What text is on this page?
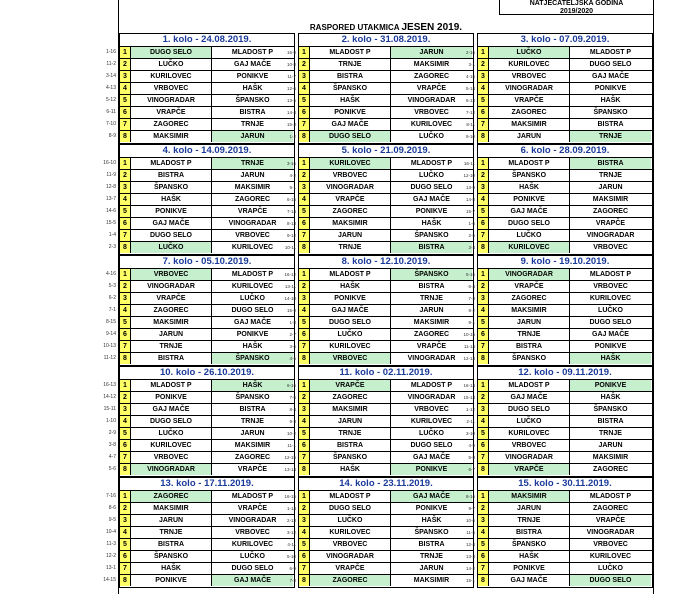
NATJECATELJSKA GODINA
2019/2020
RASPORED UTAKMICA JESEN 2019.
1. kolo - 24.08.2019.
1-16	1	DUGO SELO	MLADOST P
11-2	2	LUČKO	GAJ MAČE
3-14	3	KURILOVEC	PONIKVE
4-13	4	VRBOVEC	HAŠK
5-12	5	VINOGRADAR	ŠPANSKO
6-11	6	VRAPČE	BISTRA
7-10	7	ZAGOREC	TRNJE
8-9	8	MAKSIMIR	JARUN
2. kolo - 31.08.2019.
16-9 1	MLADOST P	JARUN
10-8 2	TRNJE	MAKSIMIR
11-7 3	BISTRA	ZAGOREC
12-6 4	ŠPANSKO	VRAPČE
13-5 5	HAŠK	VINOGRADAR
14-4 6	PONIKVE	VRBOVEC
15-3 7	GAJ MAČE	KURILOVEC
1-2 8	DUGO SELO	LUČKO
3. kolo - 07.09.2019.
2-16 1	LUČKO	MLADOST P
3-1 2	KURILOVEC	DUGO SELO
4-15 3	VRBOVEC	GAJ MAČE
5-14 4	VINOGRADAR	PONIKVE
6-13 5	VRAPČE	HAŠK
7-12 6	ZAGOREC	ŠPANSKO
8-11 7	MAKSIMIR	BISTRA
9-10 8	JARUN	TRNJE
4. kolo - 14.09.2019.
16-10	1	MLADOST P	TRNJE
11-9	2	BISTRA	JARUN
12-8	3	ŠPANSKO	MAKSIMIR
13-7	4	HAŠK	ZAGOREC
14-6	5	PONIKVE	VRAPČE
15-5	6	GAJ MAČE	VINOGRADAR
1-4	7	DUGO SELO	VRBOVEC
2-3	8	LUČKO	KURILOVEC
5. kolo - 21.09.2019.
3-16 1	KURILOVEC	MLADOST P
4-2 2	VRBOVEC	LUČKO
5-1 3	VINOGRADAR	DUGO SELO
6-15 4	VRAPČE	GAJ MAČE
7-14 5	ZAGOREC	PONIKVE
8-13 6	MAKSIMIR	HAŠK
9-12 7	JARUN	ŠPANSKO
10-11 8	TRNJE	BISTRA
6. kolo - 28.09.2019.
16-11 1	MLADOST P	BISTRA
12-10 2	ŠPANSKO	TRNJE
13-9 3	HAŠK	JARUN
14-8 4	PONIKVE	MAKSIMIR
15-7 5	GAJ MAČE	ZAGOREC
1-6 6	DUGO SELO	VRAPČE
2-5 7	LUČKO	VINOGRADAR
3-4 8	KURILOVEC	VRBOVEC
7. kolo - 05.10.2019.
4-16	1	VRBOVEC	MLADOST P
5-3	2	VINOGRADAR	KURILOVEC
6-2	3	VRAPČE	LUČKO
7-1	4	ZAGOREC	DUGO SELO
8-15	5	MAKSIMIR	GAJ MAČE
9-14	6	JARUN	PONIKVE
10-13	7	TRNJE	HAŠK
11-12	8	BISTRA	ŠPANSKO
8. kolo - 12.10.2019.
16-12 1	MLADOST P	ŠPANSKO
13-11 2	HAŠK	BISTRA
14-10 3	PONIKVE	TRNJE
15-9 4	GAJ MAČE	JARUN
1-8 5	DUGO SELO	MAKSIMIR
2-7 6	LUČKO	ZAGOREC
3-6 7	KURILOVEC	VRAPČE
4-5 8	VRBOVEC	VINOGRADAR
9. kolo - 19.10.2019.
5-16 1	VINOGRADAR	MLADOST P
6-4 2	VRAPČE	VRBOVEC
7-3 3	ZAGOREC	KURILOVEC
8-2 4	MAKSIMIR	LUČKO
9-1 5	JARUN	DUGO SELO
10-15 6	TRNJE	GAJ MAČE
11-14 7	BISTRA	PONIKVE
12-13 8	ŠPANSKO	HAŠK
10. kolo - 26.10.2019.
16-13	1	MLADOST P	HAŠK
14-12	2	PONIKVE	ŠPANSKO
15-11	3	GAJ MAČE	BISTRA
1-10	4	DUGO SELO	TRNJE
2-9	5	LUČKO	JARUN
3-8	6	KURILOVEC	MAKSIMIR
4-7	7	VRBOVEC	ZAGOREC
5-6	8	VINOGRADAR	VRAPČE
11. kolo - 02.11.2019.
6-16 1	VRAPČE	MLADOST P
7-5 2	ZAGOREC	VINOGRADAR
8-4 3	MAKSIMIR	VRBOVEC
9-3 4	JARUN	KURILOVEC
10-2 5	TRNJE	LUČKO
11-1 6	BISTRA	DUGO SELO
12-15 7	ŠPANSKO	GAJ MAČE
13-14 8	HAŠK	PONIKVE
12. kolo - 09.11.2019.
16-14 1	MLADOST P	PONIKVE
15-13 2	GAJ MAČE	HAŠK
1-12 3	DUGO SELO	ŠPANSKO
2-11 4	LUČKO	BISTRA
3-10 5	KURILOVEC	TRNJE
4-9 6	VRBOVEC	JARUN
5-8 7	VINOGRADAR	MAKSIMIR
6-7 8	VRAPČE	ZAGOREC
13. kolo - 17.11.2019.
7-16	1	ZAGOREC	MLADOST P
8-6	2	MAKSIMIR	VRAPČE
9-5	3	JARUN	VINOGRADAR
10-4	4	TRNJE	VRBOVEC
11-3	5	BISTRA	KURILOVEC
12-2	6	ŠPANSKO	LUČKO
13-1	7	HAŠK	DUGO SELO
14-15	8	PONIKVE	GAJ MAČE
14. kolo - 23.11.2019.
16-15 1	MLADOST P	GAJ MAČE
1-14 2	DUGO SELO	PONIKVE
2-13 3	LUČKO	HAŠK
3-12 4	KURILOVEC	ŠPANSKO
4-11 5	VRBOVEC	BISTRA
5-10 6	VINOGRADAR	TRNJE
6-9 7	VRAPČE	JARUN
7-8 8	ZAGOREC	MAKSIMIR
15. kolo - 30.11.2019.
8-16 1	MAKSIMIR	MLADOST P
9-7 2	JARUN	ZAGOREC
10-6 3	TRNJE	VRAPČE
11-5 4	BISTRA	VINOGRADAR
12-4 5	ŠPANSKO	VRBOVEC
13-3 6	HAŠK	KURILOVEC
14-2 7	PONIKVE	LUČKO
15-1 8	GAJ MAČE	DUGO SELO
